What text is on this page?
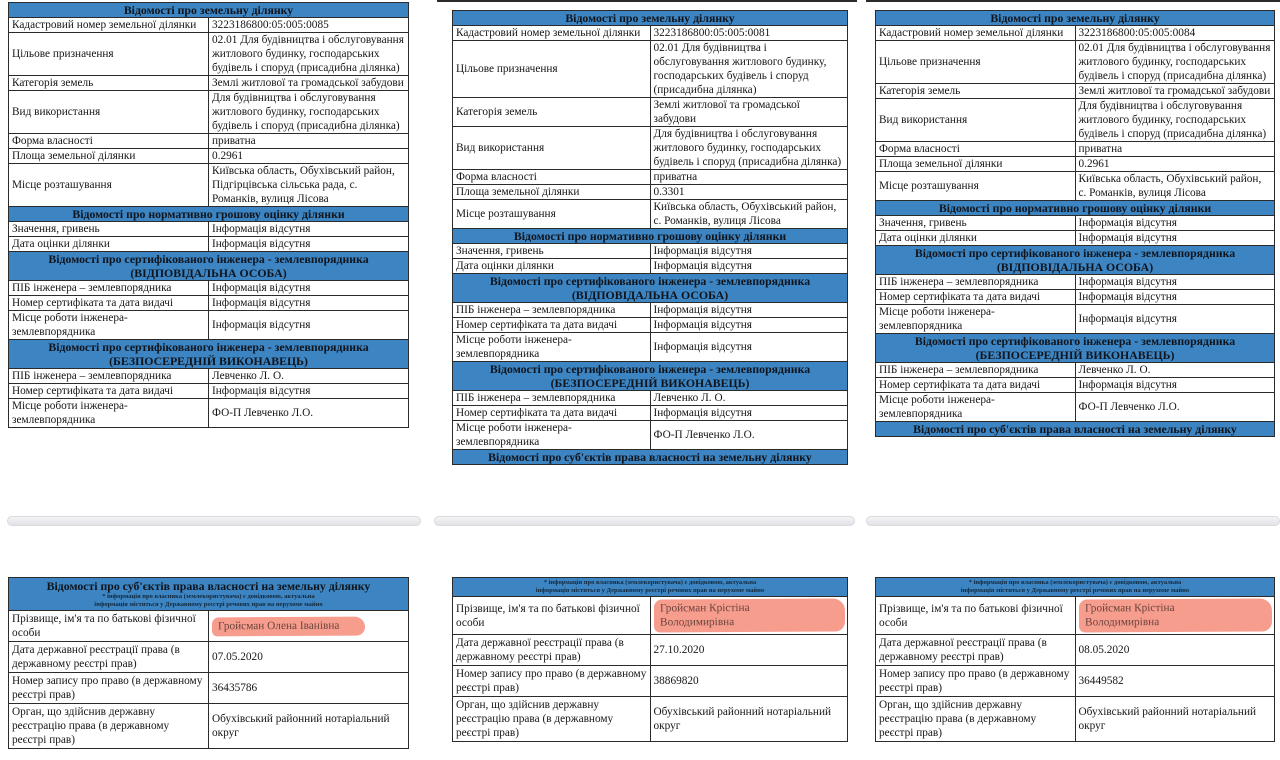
Відомості про земельну ділянку	
Кадастровий номер земельної ділянки	3223186800:05:005:0085
Цільове призначення	02.01 Для будівництва і обслуговування житлового будинку, господарських будівель і споруд (присадибна ділянка)
Категорія земель	Землі житлової та громадської забудови
Вид використання	Для будівництва і обслуговування житлового будинку, господарських будівель і споруд (присадибна ділянка)
Форма власності	приватна
Площа земельної ділянки	0.2961
Місце розташування	Київська область, Обухівський район, Підгірцівська сільська рада, с. Романків, вулиця Лісова
Відомості про нормативно грошову оцінку ділянки	
Значення, гривень	Інформація відсутня
Дата оцінки ділянки	Інформація відсутня
Відомості про сертифікованого інженера - землевпорядника (ВІДПОВІДАЛЬНА ОСОБА)	
ПІБ інженера – землевпорядника	Інформація відсутня
Номер сертифіката та дата видачі	Інформація відсутня
Місце роботи інженера-землевпорядника	Інформація відсутня
Відомості про сертифікованого інженера - землевпорядника (БЕЗПОСЕРЕДНІЙ ВИКОНАВЕЦЬ)	
ПІБ інженера – землевпорядника	Левченко Л. О.
Номер сертифіката та дата видачі	Інформація відсутня
Місце роботи інженера-землевпорядника	ФО-П Левченко Л.О.
Відомості про суб'єктів права власності на земельну ділянку
* інформація про власника (землекористувача) є довідковою, актуальна
інформація міститься у Державному реєстрі речових прав на нерухоме майно	

Прізвище, ім'я та по батькові фізичної особи	Гройсман Олена Іванівна
Дата державної реєстрації права (в державному реєстрі прав)	07.05.2020
Номер запису про право (в державному реєстрі прав)	36435786
Орган, що здійснив державну реєстрацію права (в державному реєстрі прав)	Обухівський районний нотаріальний округ
Відомості про земельну ділянку	
Кадастровий номер земельної ділянки	3223186800:05:005:0081
Цільове призначення	02.01 Для будівництва і обслуговування житлового будинку, господарських будівель і споруд (присадибна ділянка)
Категорія земель	Землі житлової та громадської забудови
Вид використання	Для будівництва і обслуговування житлового будинку, господарських будівель і споруд (присадибна ділянка)
Форма власності	приватна
Площа земельної ділянки	0.3301
Місце розташування	Київська область, Обухівський район, с. Романків, вулиця Лісова
Відомості про нормативно грошову оцінку ділянки	
Значення, гривень	Інформація відсутня
Дата оцінки ділянки	Інформація відсутня
Відомості про сертифікованого інженера - землевпорядника (ВІДПОВІДАЛЬНА ОСОБА)	
ПІБ інженера – землевпорядника	Інформація відсутня
Номер сертифіката та дата видачі	Інформація відсутня
Місце роботи інженера-землевпорядника	Інформація відсутня
Відомості про сертифікованого інженера - землевпорядника (БЕЗПОСЕРЕДНІЙ ВИКОНАВЕЦЬ)	
ПІБ інженера – землевпорядника	Левченко Л. О.
Номер сертифіката та дата видачі	Інформація відсутня
Місце роботи інженера-землевпорядника	ФО-П Левченко Л.О.
Відомості про суб'єктів права власності на земельну ділянку	
* інформація про власника (землекористувача) є довідковою, актуальна
інформація міститься у Державному реєстрі речових прав на нерухоме майно	

Прізвище, ім'я та по батькові фізичної особи	Гройсман Крістіна Володимирівна
Дата державної реєстрації права (в державному реєстрі прав)	27.10.2020
Номер запису про право (в державному реєстрі прав)	38869820
Орган, що здійснив державну реєстрацію права (в державному реєстрі прав)	Обухівський районний нотаріальний округ
Відомості про земельну ділянку	
Кадастровий номер земельної ділянки	3223186800:05:005:0084
Цільове призначення	02.01 Для будівництва і обслуговування житлового будинку, господарських будівель і споруд (присадибна ділянка)
Категорія земель	Землі житлової та громадської забудови
Вид використання	Для будівництва і обслуговування житлового будинку, господарських будівель і споруд (присадибна ділянка)
Форма власності	приватна
Площа земельної ділянки	0.2961
Місце розташування	Київська область, Обухівський район, с. Романків, вулиця Лісова
Відомості про нормативно грошову оцінку ділянки	
Значення, гривень	Інформація відсутня
Дата оцінки ділянки	Інформація відсутня
Відомості про сертифікованого інженера - землевпорядника (ВІДПОВІДАЛЬНА ОСОБА)	
ПІБ інженера – землевпорядника	Інформація відсутня
Номер сертифіката та дата видачі	Інформація відсутня
Місце роботи інженера-землевпорядника	Інформація відсутня
Відомості про сертифікованого інженера - землевпорядника (БЕЗПОСЕРЕДНІЙ ВИКОНАВЕЦЬ)	
ПІБ інженера – землевпорядника	Левченко Л. О.
Номер сертифіката та дата видачі	Інформація відсутня
Місце роботи інженера-землевпорядника	ФО-П Левченко Л.О.
Відомості про суб'єктів права власності на земельну ділянку	
* інформація про власника (землекористувача) є довідковою, актуальна
інформація міститься у Державному реєстрі речових прав на нерухоме майно	

Прізвище, ім'я та по батькові фізичної особи	Гройсман Крістіна Володимирівна
Дата державної реєстрації права (в державному реєстрі прав)	08.05.2020
Номер запису про право (в державному реєстрі прав)	36449582
Орган, що здійснив державну реєстрацію права (в державному реєстрі прав)	Обухівський районний нотаріальний округ
